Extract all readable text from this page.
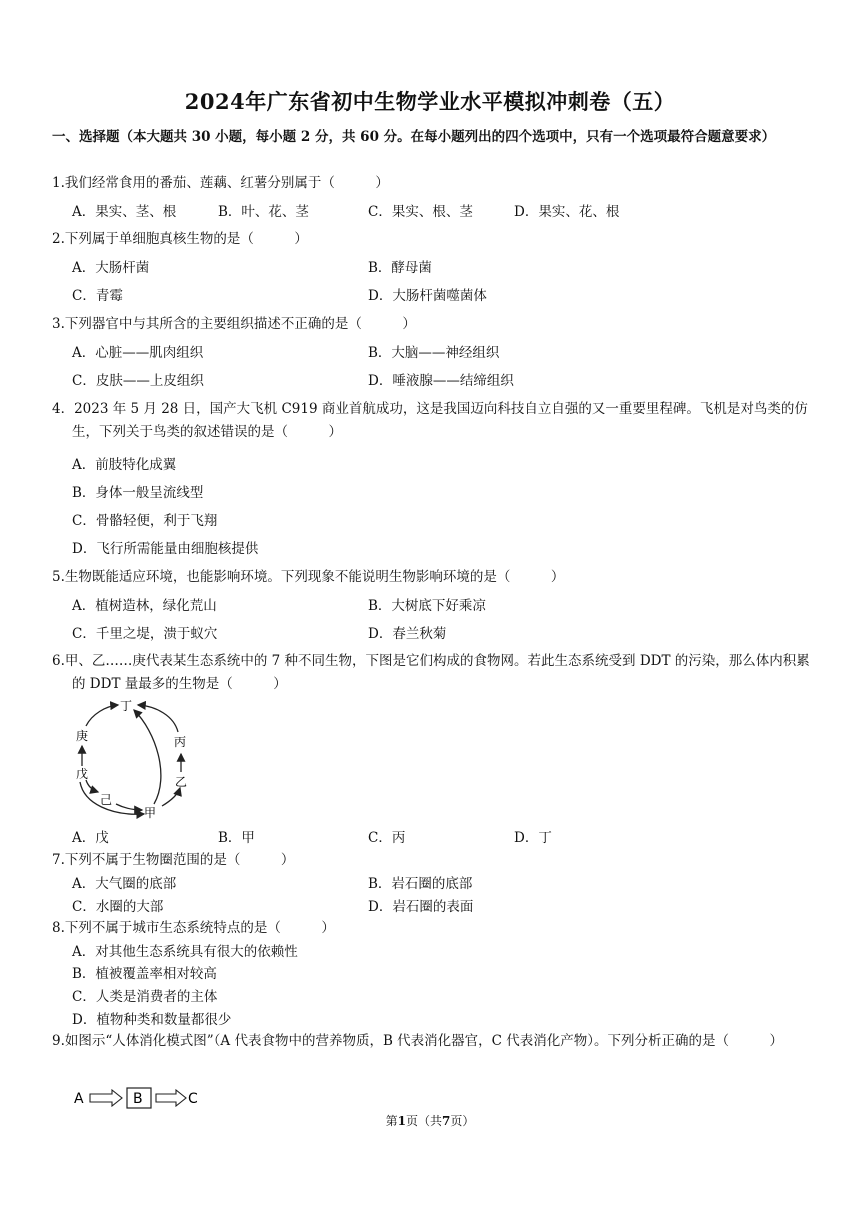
2024年广东省初中生物学业水平模拟冲刺卷（五）
一、选择题（本大题共 30 小题，每小题 2 分，共 60 分。在每小题列出的四个选项中，只有一个选项最符合题意要求）
1.我们经常食用的番茄、莲藕、红薯分别属于（　　　）
A．果实、茎、根	B．叶、花、茎	C．果实、根、茎	D．果实、花、根
2.下列属于单细胞真核生物的是（　　　）
A．大肠杆菌	B．酵母菌
C．青霉	D．大肠杆菌噬菌体
3.下列器官中与其所含的主要组织描述不正确的是（　　　）
A．心脏——肌肉组织	B．大脑——神经组织
C．皮肤——上皮组织	D．唾液腺——结缔组织
4．2023 年 5 月 28 日，国产大飞机 C919 商业首航成功，这是我国迈向科技自立自强的又一重要里程碑。飞机是对鸟类的仿生，下列关于鸟类的叙述错误的是（　　　）
A．前肢特化成翼
B．身体一般呈流线型
C．骨骼轻便，利于飞翔
D．飞行所需能量由细胞核提供
5.生物既能适应环境，也能影响环境。下列现象不能说明生物影响环境的是（　　　）
A．植树造林，绿化荒山	B．大树底下好乘凉
C．千里之堤，溃于蚁穴	D．春兰秋菊
6.甲、乙……庚代表某生态系统中的 7 种不同生物，下图是它们构成的食物网。若此生态系统受到 DDT 的污染，那么体内积累的 DDT 量最多的生物是（　　　）
丁
庚	丙
戊
乙
己
甲
A．戊	B．甲	C．丙	D．丁
7.下列不属于生物圈范围的是（　　　）
A．大气圈的底部	B．岩石圈的底部
C．水圈的大部	D．岩石圈的表面
8.下列不属于城市生态系统特点的是（　　　）
A．对其他生态系统具有很大的依赖性
B．植被覆盖率相对较高
C．人类是消费者的主体
D．植物种类和数量都很少
9.如图示“人体消化模式图”（A 代表食物中的营养物质，B 代表消化器官，C 代表消化产物）。下列分析正确的是（　　　）
A	B	C
第1页（共7页）
